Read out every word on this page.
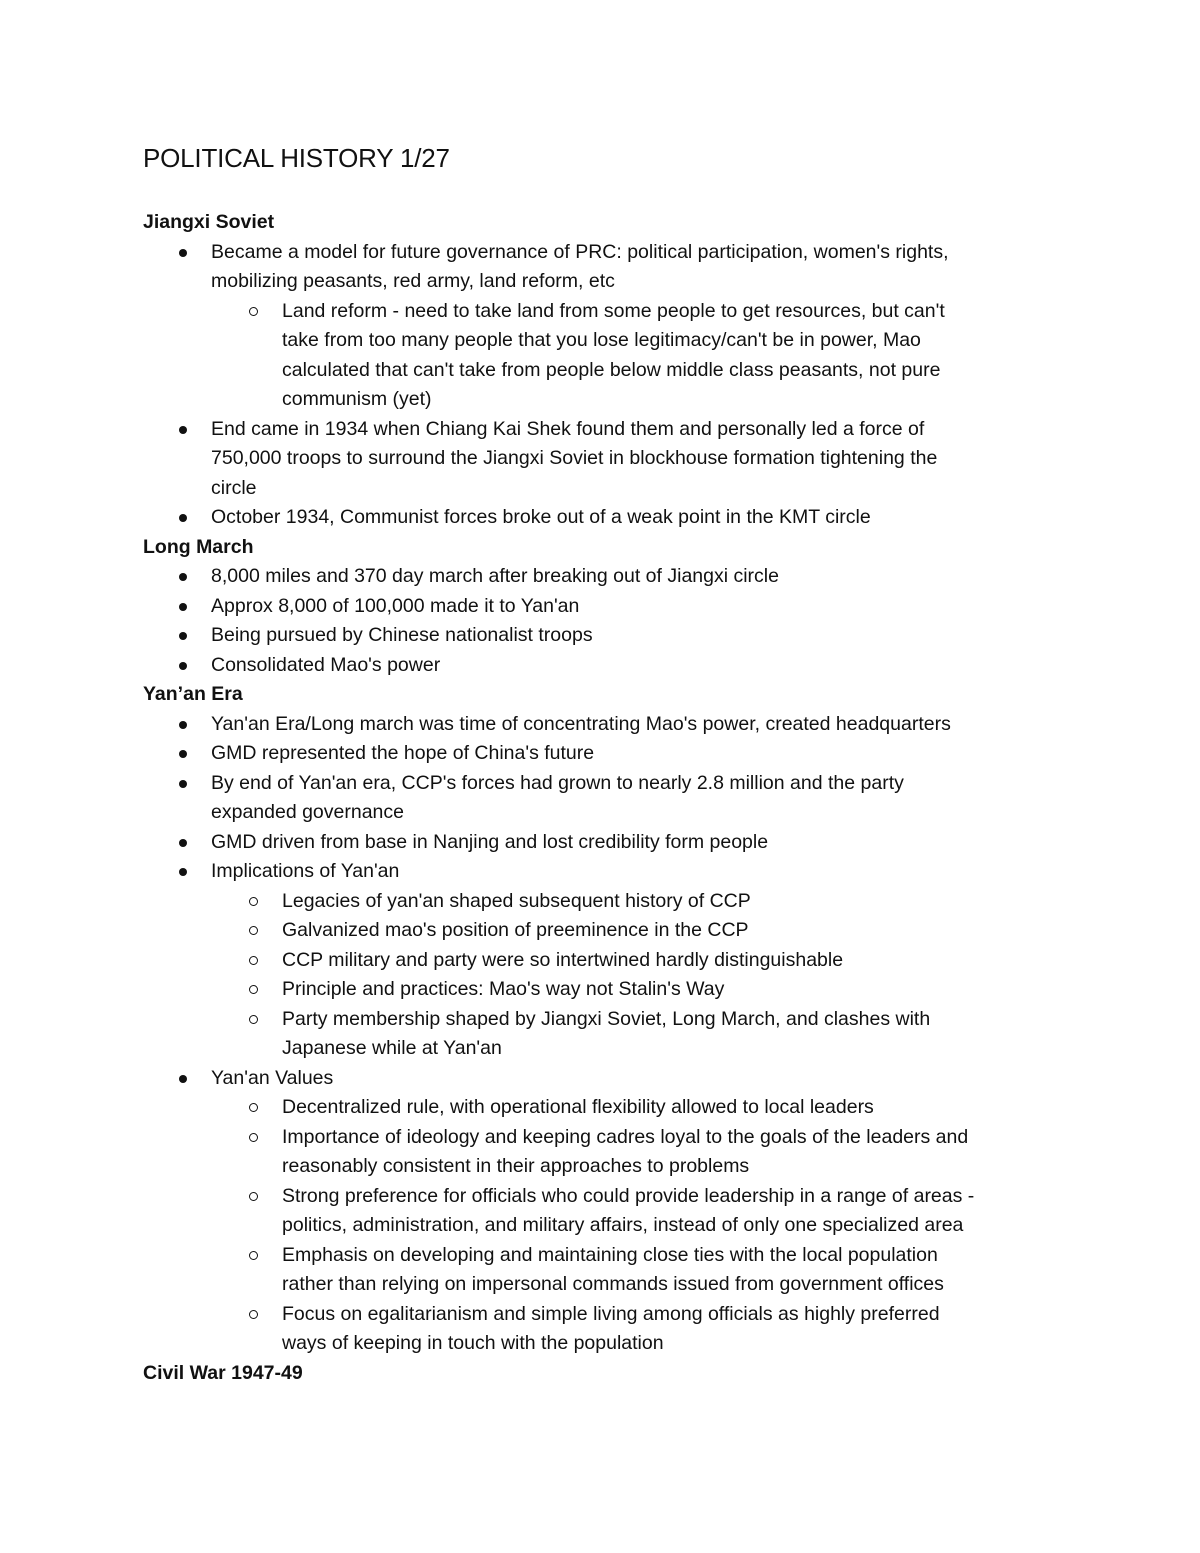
POLITICAL HISTORY 1/27
Jiangxi Soviet
Became a model for future governance of PRC: political participation, women's rights,
mobilizing peasants, red army, land reform, etc
Land reform - need to take land from some people to get resources, but can't
take from too many people that you lose legitimacy/can't be in power, Mao
calculated that can't take from people below middle class peasants, not pure
communism (yet)
End came in 1934 when Chiang Kai Shek found them and personally led a force of
750,000 troops to surround the Jiangxi Soviet in blockhouse formation tightening the
circle
October 1934, Communist forces broke out of a weak point in the KMT circle
Long March
8,000 miles and 370 day march after breaking out of Jiangxi circle
Approx 8,000 of 100,000 made it to Yan'an
Being pursued by Chinese nationalist troops
Consolidated Mao's power
Yan’an Era
Yan'an Era/Long march was time of concentrating Mao's power, created headquarters
GMD represented the hope of China's future
By end of Yan'an era, CCP's forces had grown to nearly 2.8 million and the party
expanded governance
GMD driven from base in Nanjing and lost credibility form people
Implications of Yan'an
Legacies of yan'an shaped subsequent history of CCP
Galvanized mao's position of preeminence in the CCP
CCP military and party were so intertwined hardly distinguishable
Principle and practices: Mao's way not Stalin's Way
Party membership shaped by Jiangxi Soviet, Long March, and clashes with
Japanese while at Yan'an
Yan'an Values
Decentralized rule, with operational flexibility allowed to local leaders
Importance of ideology and keeping cadres loyal to the goals of the leaders and
reasonably consistent in their approaches to problems
Strong preference for officials who could provide leadership in a range of areas -
politics, administration, and military affairs, instead of only one specialized area
Emphasis on developing and maintaining close ties with the local population
rather than relying on impersonal commands issued from government offices
Focus on egalitarianism and simple living among officials as highly preferred
ways of keeping in touch with the population
Civil War 1947-49
